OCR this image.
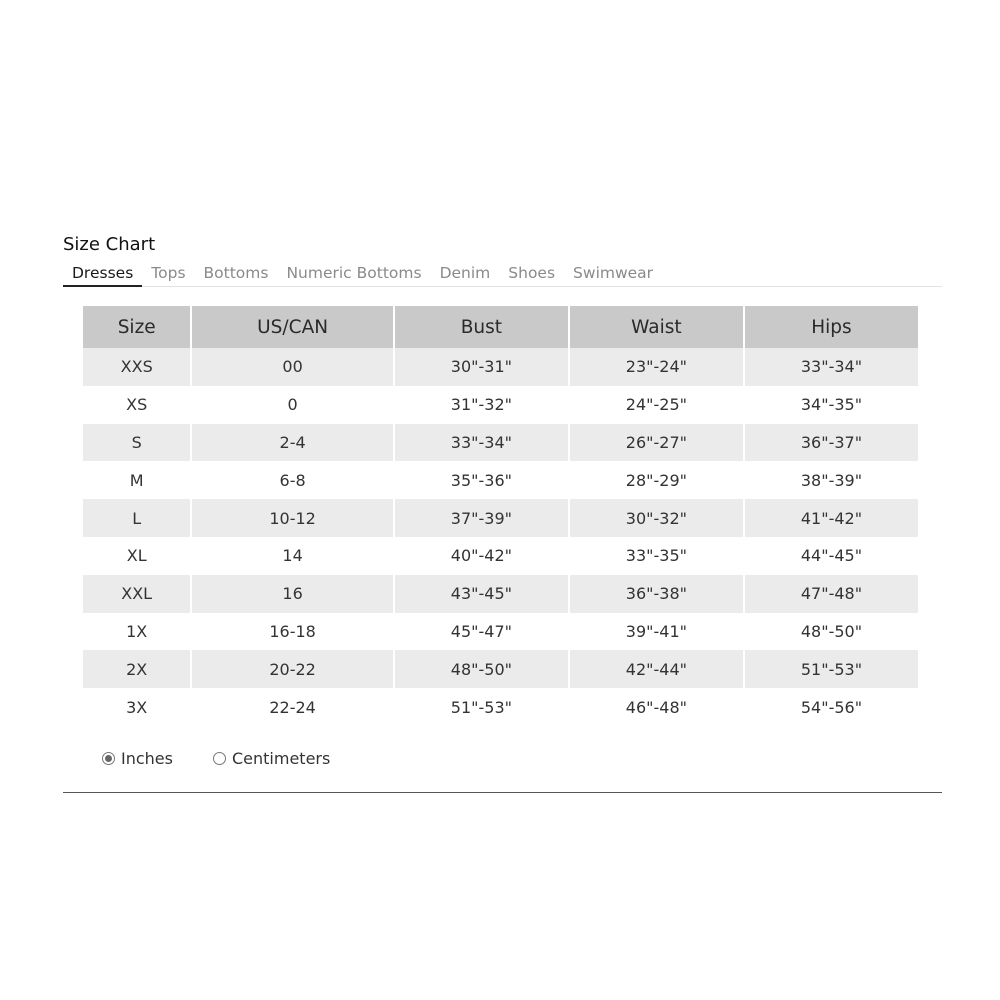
Size Chart
Dresses	Tops	Bottoms	Numeric Bottoms	Denim	Shoes	Swimwear
Size	US/CAN	Bust	Waist	Hips
XXS	00	30"-31"	23"-24"	33"-34"
XS	0	31"-32"	24"-25"	34"-35"
S	2-4	33"-34"	26"-27"	36"-37"
M	6-8	35"-36"	28"-29"	38"-39"
L	10-12	37"-39"	30"-32"	41"-42"
XL	14	40"-42"	33"-35"	44"-45"
XXL	16	43"-45"	36"-38"	47"-48"
1X	16-18	45"-47"	39"-41"	48"-50"
2X	20-22	48"-50"	42"-44"	51"-53"
3X	22-24	51"-53"	46"-48"	54"-56"
Inches	Centimeters
